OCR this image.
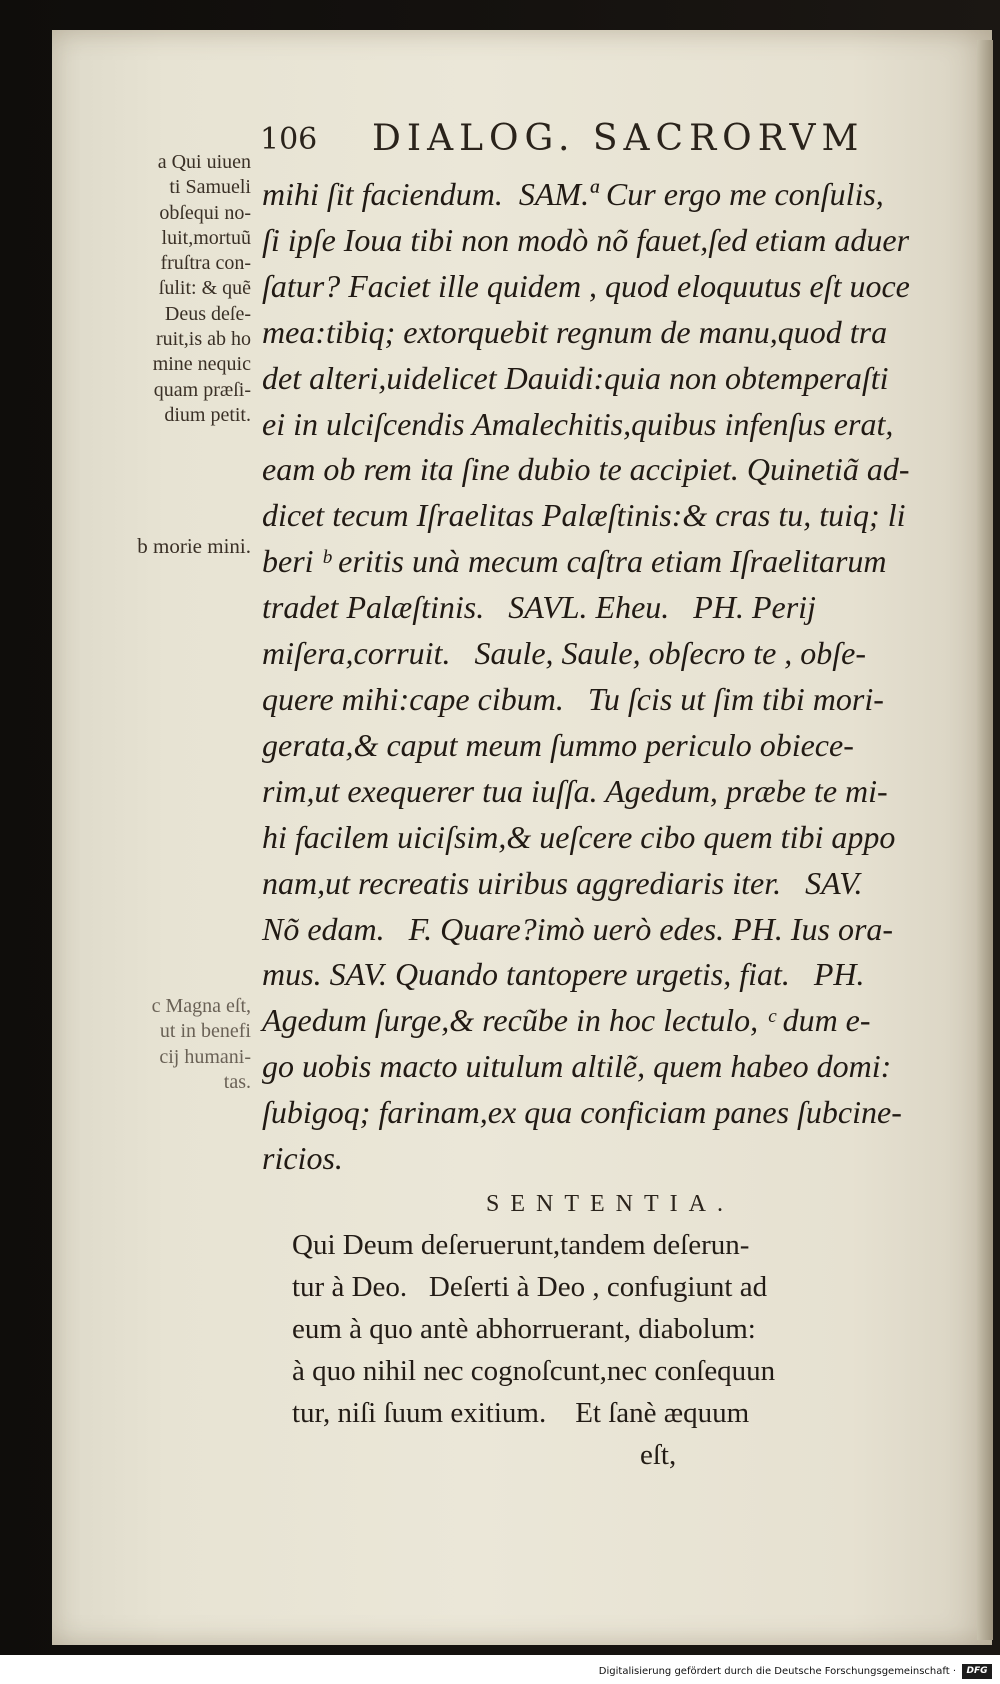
106 DIALOG. SACRORVM
a Qui uiuen
ti Samueli
obſequi no-
luit,mortuũ
fruſtra con-
ſulit: & quẽ
Deus deſe-
ruit,is ab ho
mine nequic
quam præſi-
dium petit.
b morie mini.
c Magna eſt,
ut in benefi
cij humani-
tas.
mihi ſit faciendum.  SAM.ª Cur ergo me conſulis,
ſi ipſe Ioua tibi non modò nõ fauet,ſed etiam aduer
ſatur? Faciet ille quidem , quod eloquutus eſt uoce
mea:tibiq; extorquebit regnum de manu,quod tra
det alteri,uidelicet Dauidi:quia non obtemperaſti
ei in ulciſcendis Amalechitis,quibus infenſus erat,
eam ob rem ita ſine dubio te accipiet. Quinetiã ad-
dicet tecum Iſraelitas Palæſtinis:& cras tu, tuiq; li
beri ᵇ eritis unà mecum caſtra etiam Iſraelitarum
tradet Palæſtinis.   SAVL. Eheu.   PH. Perij
miſera,corruit.   Saule, Saule, obſecro te , obſe-
quere mihi:cape cibum.   Tu ſcis ut ſim tibi mori-
gerata,& caput meum ſummo periculo obiece-
rim,ut exequerer tua iuſſa. Agedum, præbe te mi-
hi facilem uiciſsim,& ueſcere cibo quem tibi appo
nam,ut recreatis uiribus aggrediaris iter.   SAV.
Nõ edam.   F. Quare?imò uerò edes. PH. Ius ora-
mus. SAV. Quando tantopere urgetis, fiat.   PH.
Agedum ſurge,& recũbe in hoc lectulo, ᶜ dum e-
go uobis macto uitulum altilẽ, quem habeo domi:
ſubigoq; farinam,ex qua conficiam panes ſubcine-
ricios.
SENTENTIA.
Qui Deum deſeruerunt,tandem deſerun-
tur à Deo.   Deſerti à Deo , confugiunt ad
eum à quo antè abhorruerant, diabolum:
à quo nihil nec cognoſcunt,nec conſequun
tur, niſi ſuum exitium.    Et ſanè æquum
eſt,
Digitalisierung gefördert durch die Deutsche Forschungsgemeinschaft ·	DFG
